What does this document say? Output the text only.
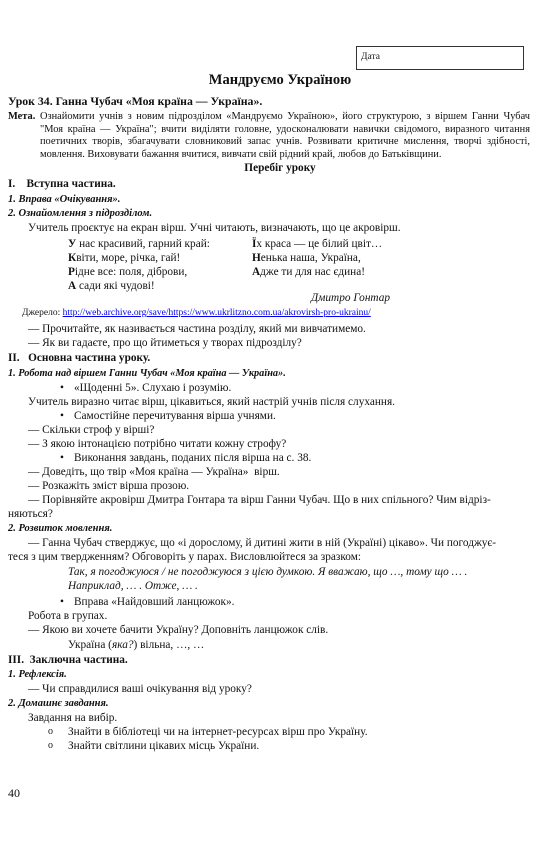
Дата
Мандруємо Україною
Урок 34. Ганна Чубач «Моя країна — Україна».
Мета. Ознайомити учнів з новим підрозділом «Мандруємо Україною», його структурою, з віршем Ганни Чубач "Моя країна — Україна"; вчити виділяти головне, удосконалювати навички свідомого, виразного читання поетичних творів, збагачувати словниковий запас учнів. Розвивати критичне мислення, творчі здібності, мовлення. Виховувати бажання вчитися, вивчати свій рідний край, любов до Батьківщини.
Перебіг уроку
І.    Вступна частина.
1. Вправа «Очікування».
2. Ознайомлення з підрозділом.
Учитель проєктує на екран вірш. Учні читають, визначають, що це акровірш.
У нас красивий, гарний край:
Квіти, море, річка, гай!
Рідне все: поля, діброви,
А сади які чудові!
Їх краса — це білий цвіт…
Ненька наша, Україна,
Адже ти для нас єдина!
Дмитро Гонтар
Джерело: http://web.archive.org/save/https://www.ukrlitzno.com.ua/akrovirsh-pro-ukrainu/
— Прочитайте, як називається частина розділу, який ми вивчатимемо.
— Як ви гадаєте, про що йтиметься у творах підрозділу?
ІІ.   Основна частина уроку.
1. Робота над віршем Ганни Чубач «Моя країна — Україна».
• «Щоденні 5». Слухаю і розумію.
Учитель виразно читає вірш, цікавиться, який настрій учнів після слухання.
• Самостійне перечитування вірша учнями.
— Скільки строф у вірші?
— З якою інтонацією потрібно читати кожну строфу?
• Виконання завдань, поданих після вірша на с. 38.
— Доведіть, що твір «Моя країна — Україна»  вірш.
— Розкажіть зміст вірша прозою.
— Порівняйте акровірш Дмитра Гонтара та вірш Ганни Чубач. Що в них спільного? Чим відріз-
няються?
2. Розвиток мовлення.
— Ганна Чубач стверджує, що «і дорослому, й дитині жити в ній (Україні) цікаво». Чи погоджує-
теся з цим твердженням? Обговоріть у парах. Висловлюйтеся за зразком:
Так, я погоджуюся / не погоджуюся з цією думкою. Я вважаю, що …, тому що … .
Наприклад, … . Отже, … .
• Вправа «Найдовший ланцюжок».
Робота в групах.
— Якою ви хочете бачити Україну? Доповніть ланцюжок слів.
Україна (яка?) вільна, …, …
ІІІ.  Заключна частина.
1. Рефлексія.
— Чи справдилися ваші очікування від уроку?
2. Домашнє завдання.
Завдання на вибір.
o Знайти в бібліотеці чи на інтернет-ресурсах вірш про Україну.
o Знайти світлини цікавих місць України.
40
